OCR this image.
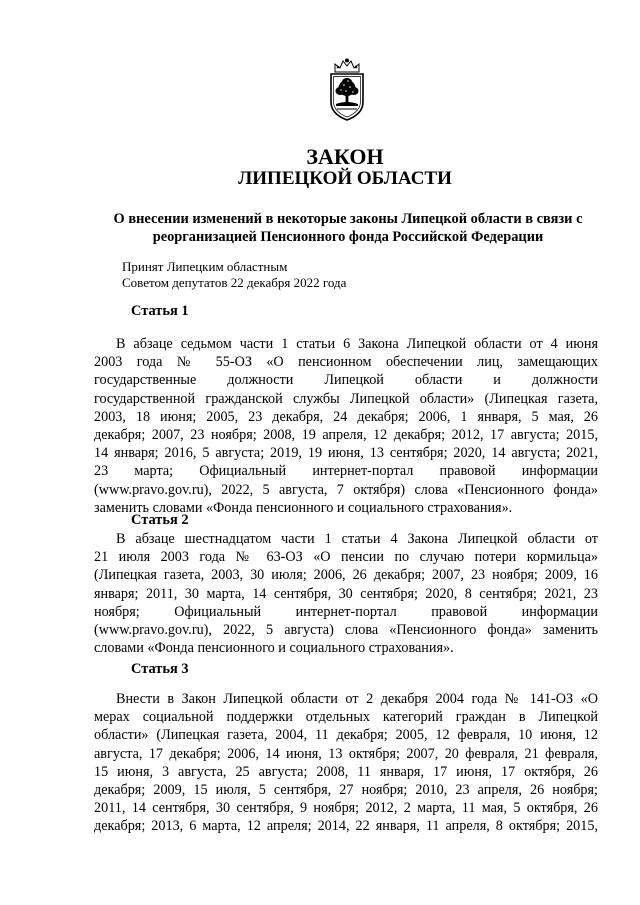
ЗАКОН
ЛИПЕЦКОЙ ОБЛАСТИ
О внесении изменений в некоторые законы Липецкой области в связи с
реорганизацией Пенсионного фонда Российской Федерации
Принят Липецким областным
Советом депутатов 22 декабря 2022 года
Статья 1
В абзаце седьмом части 1 статьи 6 Закона Липецкой области от 4 июня
2003 года № 55-ОЗ «О пенсионном обеспечении лиц, замещающих
государственные должности Липецкой области и должности
государственной гражданской службы Липецкой области» (Липецкая газета,
2003, 18 июня; 2005, 23 декабря, 24 декабря; 2006, 1 января, 5 мая, 26
декабря; 2007, 23 ноября; 2008, 19 апреля, 12 декабря; 2012, 17 августа; 2015,
14 января; 2016, 5 августа; 2019, 19 июня, 13 сентября; 2020, 14 августа; 2021,
23 марта; Официальный интернет-портал правовой информации
(www.pravo.gov.ru), 2022, 5 августа, 7 октября) слова «Пенсионного фонда»
заменить словами «Фонда пенсионного и социального страхования».
Статья 2
В абзаце шестнадцатом части 1 статьи 4 Закона Липецкой области от
21 июля 2003 года № 63-ОЗ «О пенсии по случаю потери кормильца»
(Липецкая газета, 2003, 30 июля; 2006, 26 декабря; 2007, 23 ноября; 2009, 16
января; 2011, 30 марта, 14 сентября, 30 сентября; 2020, 8 сентября; 2021, 23
ноября; Официальный интернет-портал правовой информации
(www.pravo.gov.ru), 2022, 5 августа) слова «Пенсионного фонда» заменить
словами «Фонда пенсионного и социального страхования».
Статья 3
Внести в Закон Липецкой области от 2 декабря 2004 года № 141-ОЗ «О
мерах социальной поддержки отдельных категорий граждан в Липецкой
области» (Липецкая газета, 2004, 11 декабря; 2005, 12 февраля, 10 июня, 12
августа, 17 декабря; 2006, 14 июня, 13 октября; 2007, 20 февраля, 21 февраля,
15 июня, 3 августа, 25 августа; 2008, 11 января, 17 июня, 17 октября, 26
декабря; 2009, 15 июля, 5 сентября, 27 ноября; 2010, 23 апреля, 26 ноября;
2011, 14 сентября, 30 сентября, 9 ноября; 2012, 2 марта, 11 мая, 5 октября, 26
декабря; 2013, 6 марта, 12 апреля; 2014, 22 января, 11 апреля, 8 октября; 2015,
